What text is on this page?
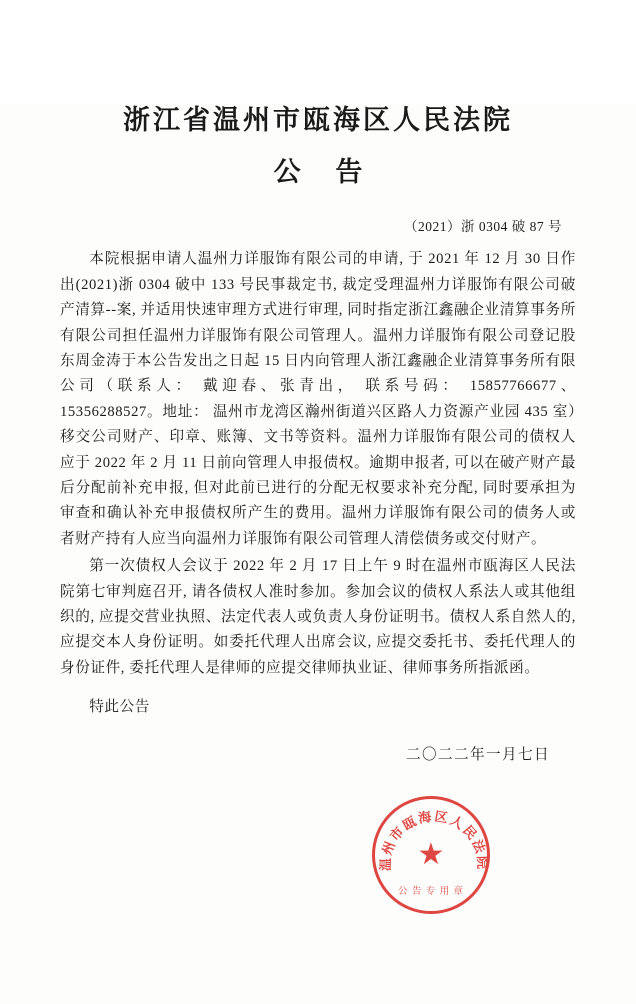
浙江省温州市瓯海区人民法院
公 告
（2021）浙 0304 破 87 号

本院根据申请人温州力详服饰有限公司的申请, 于 2021 年 12 月 30 日作出(2021)浙 0304 破中 133 号民事裁定书, 裁定受理温州力详服饰有限公司破产清算--案, 并适用快速审理方式进行审理, 同时指定浙江鑫融企业清算事务所有限公司担任温州力详服饰有限公司管理人。温州力详服饰有限公司登记股东周金涛于本公告发出之日起 15 日内向管理人浙江鑫融企业清算事务所有限公司（联系人： 戴迎春、张青出， 联系号码： 15857766677、15356288527。地址： 温州市龙湾区瀚州街道兴区路人力资源产业园 435 室）移交公司财产、印章、账簿、文书等资料。温州力详服饰有限公司的债权人应于 2022 年 2 月 11 日前向管理人申报债权。逾期申报者, 可以在破产财产最后分配前补充申报, 但对此前已进行的分配无权要求补充分配, 同时要承担为审查和确认补充申报债权所产生的费用。温州力详服饰有限公司的债务人或者财产持有人应当向温州力详服饰有限公司管理人清偿债务或交付财产。

第一次债权人会议于 2022 年 2 月 17 日上午 9 时在温州市瓯海区人民法院第七审判庭召开, 请各债权人准时参加。参加会议的债权人系法人或其他组织的, 应提交营业执照、法定代表人或负责人身份证明书。债权人系自然人的, 应提交本人身份证明。如委托代理人出席会议, 应提交委托书、委托代理人的身份证件, 委托代理人是律师的应提交律师执业证、律师事务所指派函。

特此公告
二〇二二年一月七日
温州市瓯海区人民法院
★
公 告 专 用 章
